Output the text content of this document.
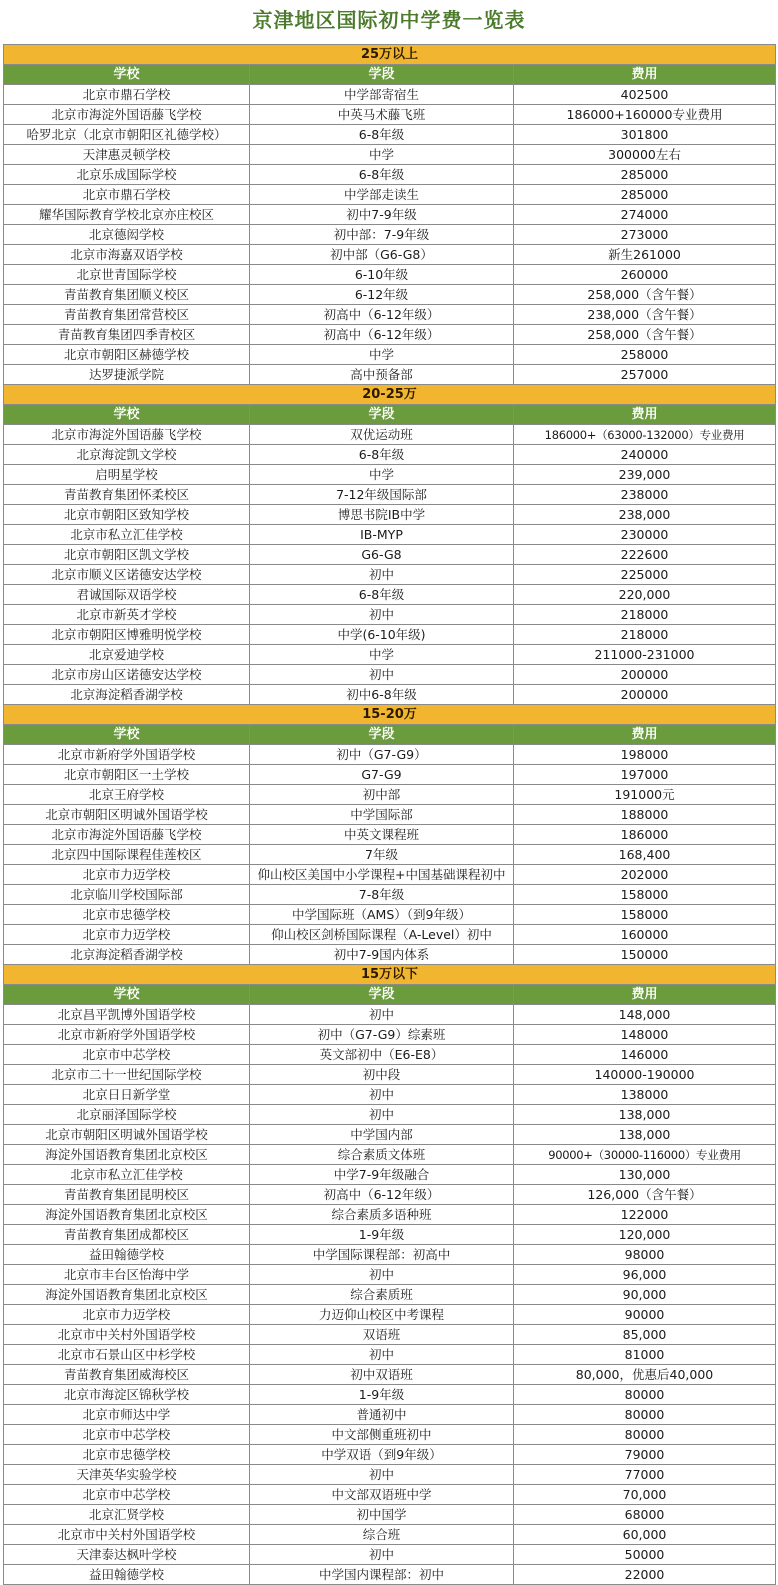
京津地区国际初中学费一览表
25万以上		
学校	学段	费用
北京市鼎石学校	中学部寄宿生	402500
北京市海淀外国语藤飞学校	中英马术藤飞班	186000+160000专业费用
哈罗北京（北京市朝阳区礼德学校）	6-8年级	301800
天津惠灵顿学校	中学	300000左右
北京乐成国际学校	6-8年级	285000
北京市鼎石学校	中学部走读生	285000
耀华国际教育学校北京亦庄校区	初中7-9年级	274000
北京德闳学校	初中部：7-9年级	273000
北京市海嘉双语学校	初中部（G6-G8）	新生261000
北京世青国际学校	6-10年级	260000
青苗教育集团顺义校区	6-12年级	258,000（含午餐）
青苗教育集团常营校区	初高中（6-12年级）	238,000（含午餐）
青苗教育集团四季青校区	初高中（6-12年级）	258,000（含午餐）
北京市朝阳区赫德学校	中学	258000
达罗捷派学院	高中预备部	257000
20-25万		
学校	学段	费用
北京市海淀外国语藤飞学校	双优运动班	186000+（63000-132000）专业费用
北京海淀凯文学校	6-8年级	240000
启明星学校	中学	239,000
青苗教育集团怀柔校区	7-12年级国际部	238000
北京市朝阳区致知学校	博思书院IB中学	238,000
北京市私立汇佳学校	IB-MYP	230000
北京市朝阳区凯文学校	G6-G8	222600
北京市顺义区诺德安达学校	初中	225000
君诚国际双语学校	6-8年级	220,000
北京市新英才学校	初中	218000
北京市朝阳区博雅明悦学校	中学(6-10年级)	218000
北京爱迪学校	中学	211000-231000
北京市房山区诺德安达学校	初中	200000
北京海淀稻香湖学校	初中6-8年级	200000
15-20万		
学校	学段	费用
北京市新府学外国语学校	初中（G7-G9）	198000
北京市朝阳区一土学校	G7-G9	197000
北京王府学校	初中部	191000元
北京市朝阳区明诚外国语学校	中学国际部	188000
北京市海淀外国语藤飞学校	中英文课程班	186000
北京四中国际课程佳莲校区	7年级	168,400
北京市力迈学校	仰山校区美国中小学课程+中国基础课程初中	202000
北京临川学校国际部	7-8年级	158000
北京市忠德学校	中学国际班（AMS）（到9年级）	158000
北京市力迈学校	仰山校区剑桥国际课程（A-Level）初中	160000
北京海淀稻香湖学校	初中7-9国内体系	150000
15万以下		
学校	学段	费用
北京昌平凯博外国语学校	初中	148,000
北京市新府学外国语学校	初中（G7-G9）综素班	148000
北京市中芯学校	英文部初中（E6-E8）	146000
北京市二十一世纪国际学校	初中段	140000-190000
北京日日新学堂	初中	138000
北京丽泽国际学校	初中	138,000
北京市朝阳区明诚外国语学校	中学国内部	138,000
海淀外国语教育集团北京校区	综合素质文体班	90000+（30000-116000）专业费用
北京市私立汇佳学校	中学7-9年级融合	130,000
青苗教育集团昆明校区	初高中（6-12年级）	126,000（含午餐）
海淀外国语教育集团北京校区	综合素质多语种班	122000
青苗教育集团成都校区	1-9年级	120,000
益田翰德学校	中学国际课程部：初高中	98000
北京市丰台区怡海中学	初中	96,000
海淀外国语教育集团北京校区	综合素质班	90,000
北京市力迈学校	力迈仰山校区中考课程	90000
北京市中关村外国语学校	双语班	85,000
北京市石景山区中杉学校	初中	81000
青苗教育集团威海校区	初中双语班	80,000，优惠后40,000
北京市海淀区锦秋学校	1-9年级	80000
北京市师达中学	普通初中	80000
北京市中芯学校	中文部侧重班初中	80000
北京市忠德学校	中学双语（到9年级）	79000
天津英华实验学校	初中	77000
北京市中芯学校	中文部双语班中学	70,000
北京汇贤学校	初中国学	68000
北京市中关村外国语学校	综合班	60,000
天津泰达枫叶学校	初中	50000
益田翰德学校	中学国内课程部：初中	22000
